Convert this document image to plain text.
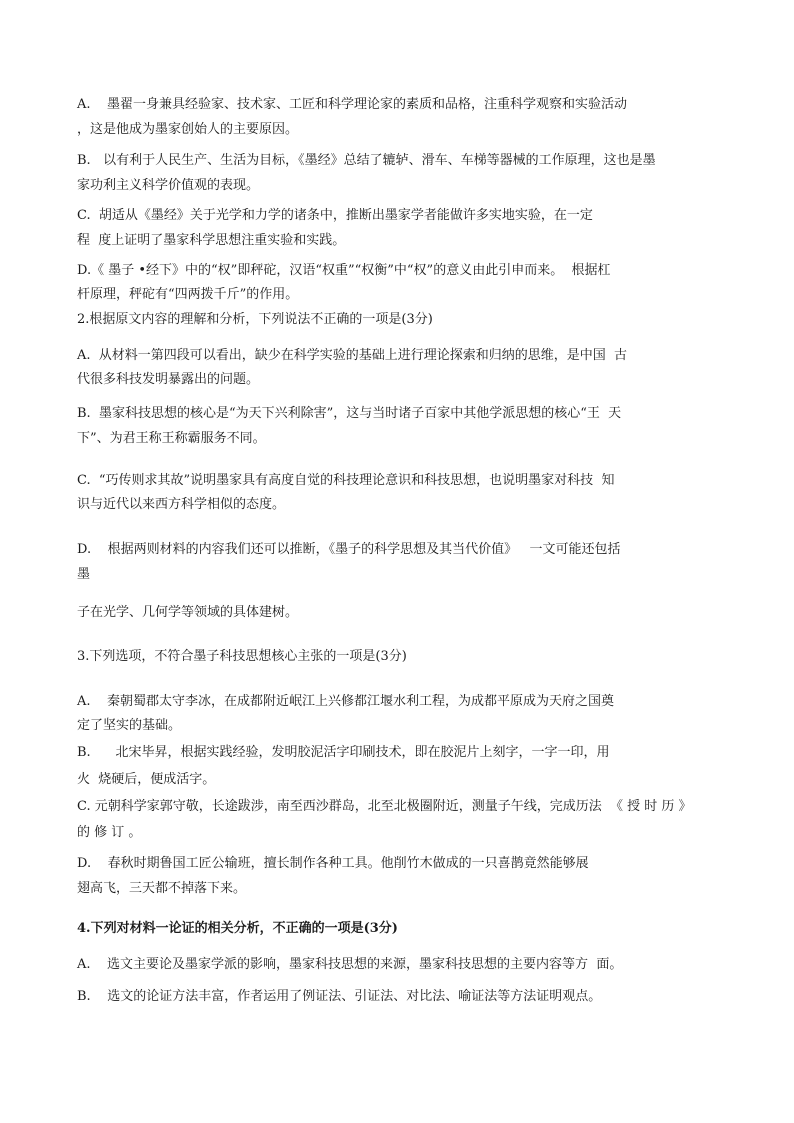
A.    墨翟一身兼具经验家、技术家、工匠和科学理论家的素质和品格，注重科学观察和实验活动

，这是他成为墨家创始人的主要原因。

B.   以有利于人民生产、生活为目标，《墨经》总结了辘轳、滑车、车梯等器械的工作原理，这也是墨

家功利主义科学价值观的表现。

C.  胡适从《墨经》关于光学和力学的诸条中，推断出墨家学者能做许多实地实验，在一定

程  度上证明了墨家科学思想注重实验和实践。

D.《 墨子 •经下》中的“权”即秤砣，汉语“权重”“权衡”中“权”的意义由此引申而来。  根据杠

杆原理，秤砣有“四两拨千斤”的作用。

2.根据原文内容的理解和分析，下列说法不正确的一项是(3分)

A.  从材料一第四段可以看出，缺少在科学实验的基础上进行理论探索和归纳的思维，是中国  古

代很多科技发明暴露出的问题。

B.  墨家科技思想的核心是“为天下兴利除害”，这与当时诸子百家中其他学派思想的核心“王  天

下”、为君王称王称霸服务不同。

C.  “巧传则求其故”说明墨家具有高度自觉的科技理论意识和科技思想，也说明墨家对科技  知

识与近代以来西方科学相似的态度。

D.    根据两则材料的内容我们还可以推断，《墨子的科学思想及其当代价值》   一文可能还包括

墨

子在光学、几何学等领域的具体建树。

3.下列选项，不符合墨子科技思想核心主张的一项是(3分)

A.    秦朝蜀郡太守李冰，在成都附近岷江上兴修都江堰水利工程，为成都平原成为天府之国奠

定了坚实的基础。

B.      北宋毕昇，根据实践经验，发明胶泥活字印刷技术，即在胶泥片上刻字，一字一印，用

火  烧硬后，便成活字。

C. 元朝科学家郭守敬，长途跋涉，南至西沙群岛，北至北极圈附近，测量子午线，完成历法  《 授 时 历 》

的 修 订 。

D.    春秋时期鲁国工匠公输班，擅长制作各种工具。他削竹木做成的一只喜鹊竟然能够展

翅高飞，三天都不掉落下来。

4.下列对材料一论证的相关分析，不正确的一项是(3分)

A.    选文主要论及墨家学派的影响，墨家科技思想的来源，墨家科技思想的主要内容等方  面。

B.    选文的论证方法丰富，作者运用了例证法、引证法、对比法、喻证法等方法证明观点。
